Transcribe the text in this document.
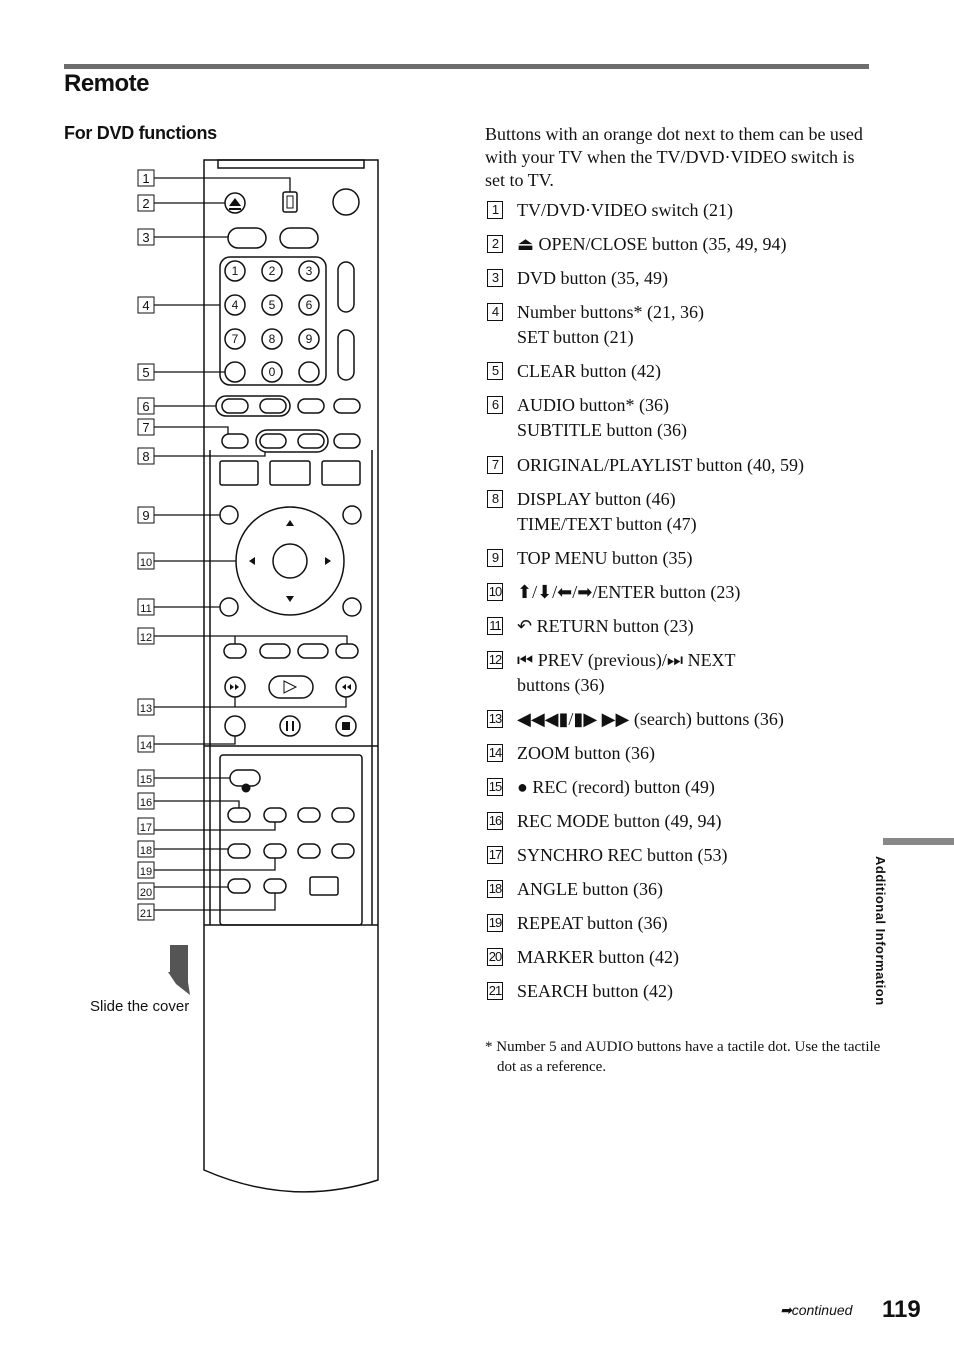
Remote
For DVD functions	Buttons with an orange dot next to them can be used with your TV when the TV/DVD·VIDEO switch is set to TV.

1 TV/DVD·VIDEO switch (21)
2 ⏏ OPEN/CLOSE button (35, 49, 94)
3 DVD button (35, 49)
4 Number buttons* (21, 36)
SET button (21)
5 CLEAR button (42)
6 AUDIO button* (36)
SUBTITLE button (36)
7 ORIGINAL/PLAYLIST button (40, 59)
8 DISPLAY button (46)
TIME/TEXT button (47)
9 TOP MENU button (35)
10 ⬆/⬇/⬅/➡/ENTER button (23)
11 ↶ RETURN button (23)
12 ⏮ PREV (previous)/⏭ NEXT
buttons (36)
13 ◀◀◀▮/▮▶ ▶▶ (search) buttons (36)
14 ZOOM button (36)
15 ● REC (record) button (49)
16 REC MODE button (49, 94)
17 SYNCHRO REC button (53)
18 ANGLE button (36)
19 REPEAT button (36)
20 MARKER button (42)
21 SEARCH button (42)

* Number 5 and AUDIO buttons have a tactile dot. Use the tactile dot as a reference.

Additional Information
➡continued 119
1	2	3
4	5	6
7	8	9
0
1
2
3
4
5
6
7
8
9
10
11
12
13
14
15
16
17
18
19
20
21
Slide the cover
